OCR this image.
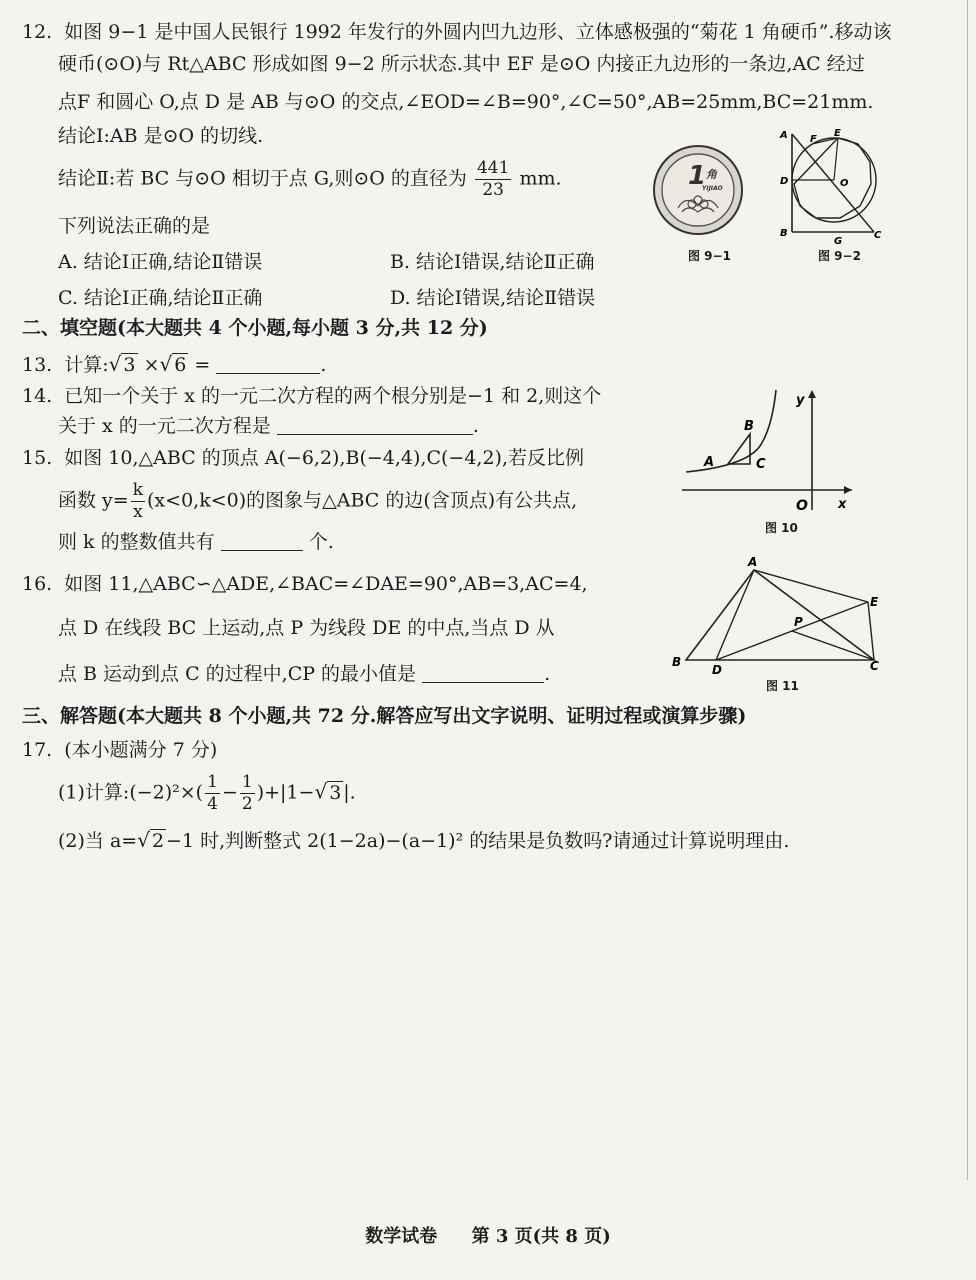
12. 如图 9−1 是中国人民银行 1992 年发行的外圆内凹九边形、立体感极强的“菊花 1 角硬币”.移动该
硬币(⊙O)与 Rt△ABC 形成如图 9−2 所示状态.其中 EF 是⊙O 内接正九边形的一条边,AC 经过
点F 和圆心 O,点 D 是 AB 与⊙O 的交点,∠EOD=∠B=90°,∠C=50°,AB=25mm,BC=21mm.
结论Ⅰ:AB 是⊙O 的切线.
结论Ⅱ:若 BC 与⊙O 相切于点 G,则⊙O 的直径为 $\frac{441}{23}$ mm.
下列说法正确的是
A. 结论Ⅰ正确,结论Ⅱ错误	B. 结论Ⅰ错误,结论Ⅱ正确
C. 结论Ⅰ正确,结论Ⅱ正确	D. 结论Ⅰ错误,结论Ⅱ错误
1 角
YIJIAO
图 9−1
A F
E
D	O
B
G
C
图 9−2
二、填空题(本大题共 4 个小题,每小题 3 分,共 12 分)
13. 计算:√ 3 ×√ 6 =	.
14. 已知一个关于 x 的一元二次方程的两个根分别是−1 和 2,则这个
关于 x 的一元二次方程是	.
15. 如图 10,△ABC 的顶点 A(−6,2),B(−4,4),C(−4,2),若反比例
函数 $y= \frac{k}{x} (x<0,k<0)$的图象与△ABC 的边(含顶点)有公共点,
则 k 的整数值共有	个.
O x
y
A
B
C
图 10
16. 如图 11,△ABC∽△ADE,∠BAC=∠DAE=90°,AB=3,AC=4,
点 D 在线段 BC 上运动,点 P 为线段 DE 的中点,当点 D 从
点 B 运动到点 C 的过程中,CP 的最小值是	.
A
E
P
B
D	C
图 11
三、解答题(本大题共 8 个小题,共 72 分.解答应写出文字说明、证明过程或演算步骤)
17. (本小题满分 7 分)
(1)计算:(−2)²×( $\frac{1}{4} - \frac{1}{2} )+|1-√$ 3 |.
(2)当 a=√ 2 −1 时,判断整式 2(1−2a)−(a−1)² 的结果是负数吗?请通过计算说明理由.
数学试卷 第 3 页(共 8 页)
